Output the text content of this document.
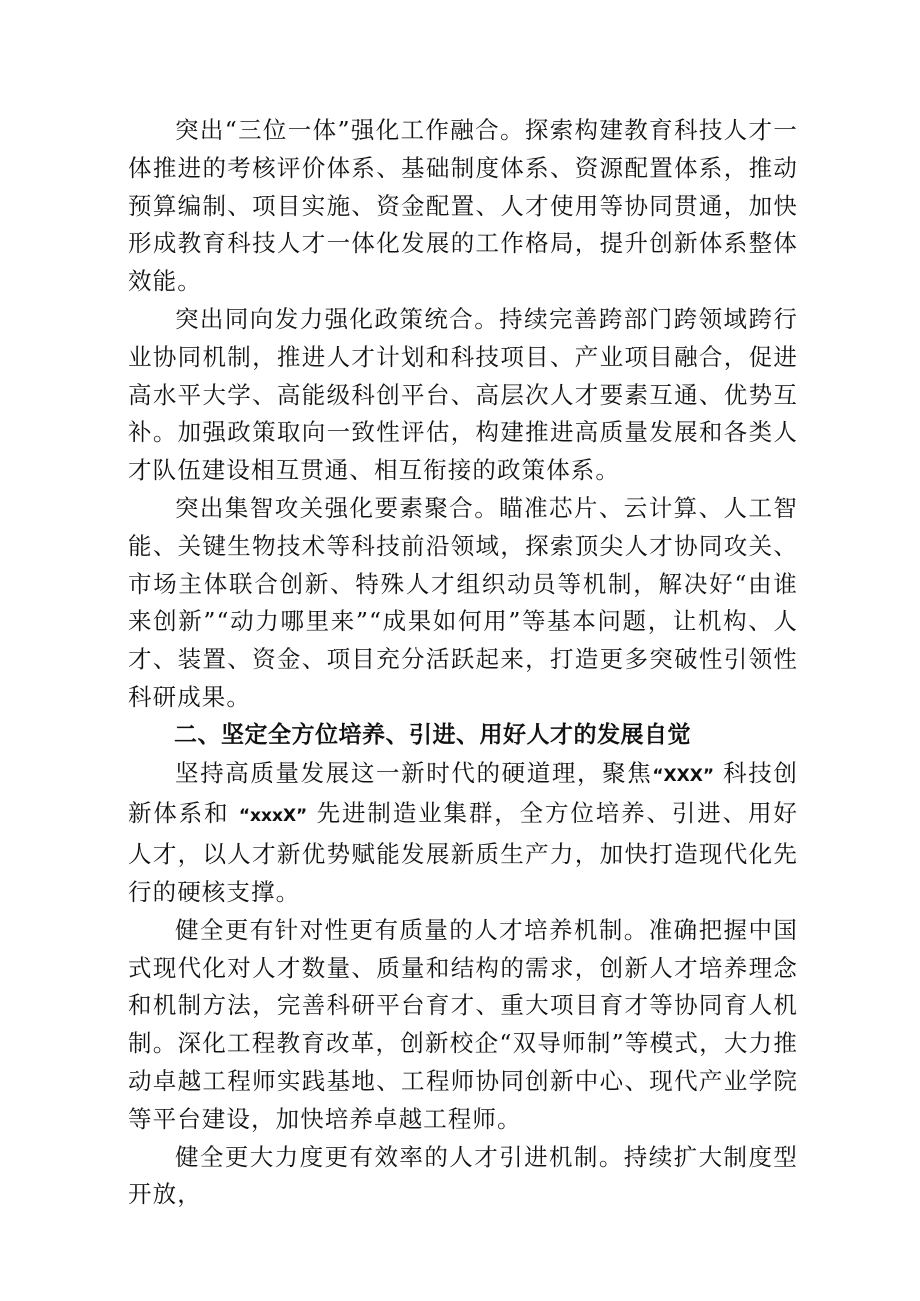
突出“三位一体”强化工作融合。探索构建教育科技人才一体推进的考核评价体系、基础制度体系、资源配置体系，推动预算编制、项目实施、资金配置、人才使用等协同贯通，加快形成教育科技人才一体化发展的工作格局，提升创新体系整体效能。

突出同向发力强化政策统合。持续完善跨部门跨领域跨行业协同机制，推进人才计划和科技项目、产业项目融合，促进高水平大学、高能级科创平台、高层次人才要素互通、优势互补。加强政策取向一致性评估，构建推进高质量发展和各类人才队伍建设相互贯通、相互衔接的政策体系。

突出集智攻关强化要素聚合。瞄准芯片、云计算、人工智能、关键生物技术等科技前沿领域，探索顶尖人才协同攻关、市场主体联合创新、特殊人才组织动员等机制，解决好“由谁来创新”“动力哪里来”“成果如何用”等基本问题，让机构、人才、装置、资金、项目充分活跃起来，打造更多突破性引领性科研成果。

二、坚定全方位培养、引进、用好人才的发展自觉

坚持高质量发展这一新时代的硬道理，聚焦“XXX” 科技创新体系和 “xxxX” 先进制造业集群，全方位培养、引进、用好人才，以人才新优势赋能发展新质生产力，加快打造现代化先行的硬核支撑。

健全更有针对性更有质量的人才培养机制。准确把握中国式现代化对人才数量、质量和结构的需求，创新人才培养理念和机制方法，完善科研平台育才、重大项目育才等协同育人机制。深化工程教育改革，创新校企“双导师制”等模式，大力推动卓越工程师实践基地、工程师协同创新中心、现代产业学院等平台建设，加快培养卓越工程师。

健全更大力度更有效率的人才引进机制。持续扩大制度型开放，
